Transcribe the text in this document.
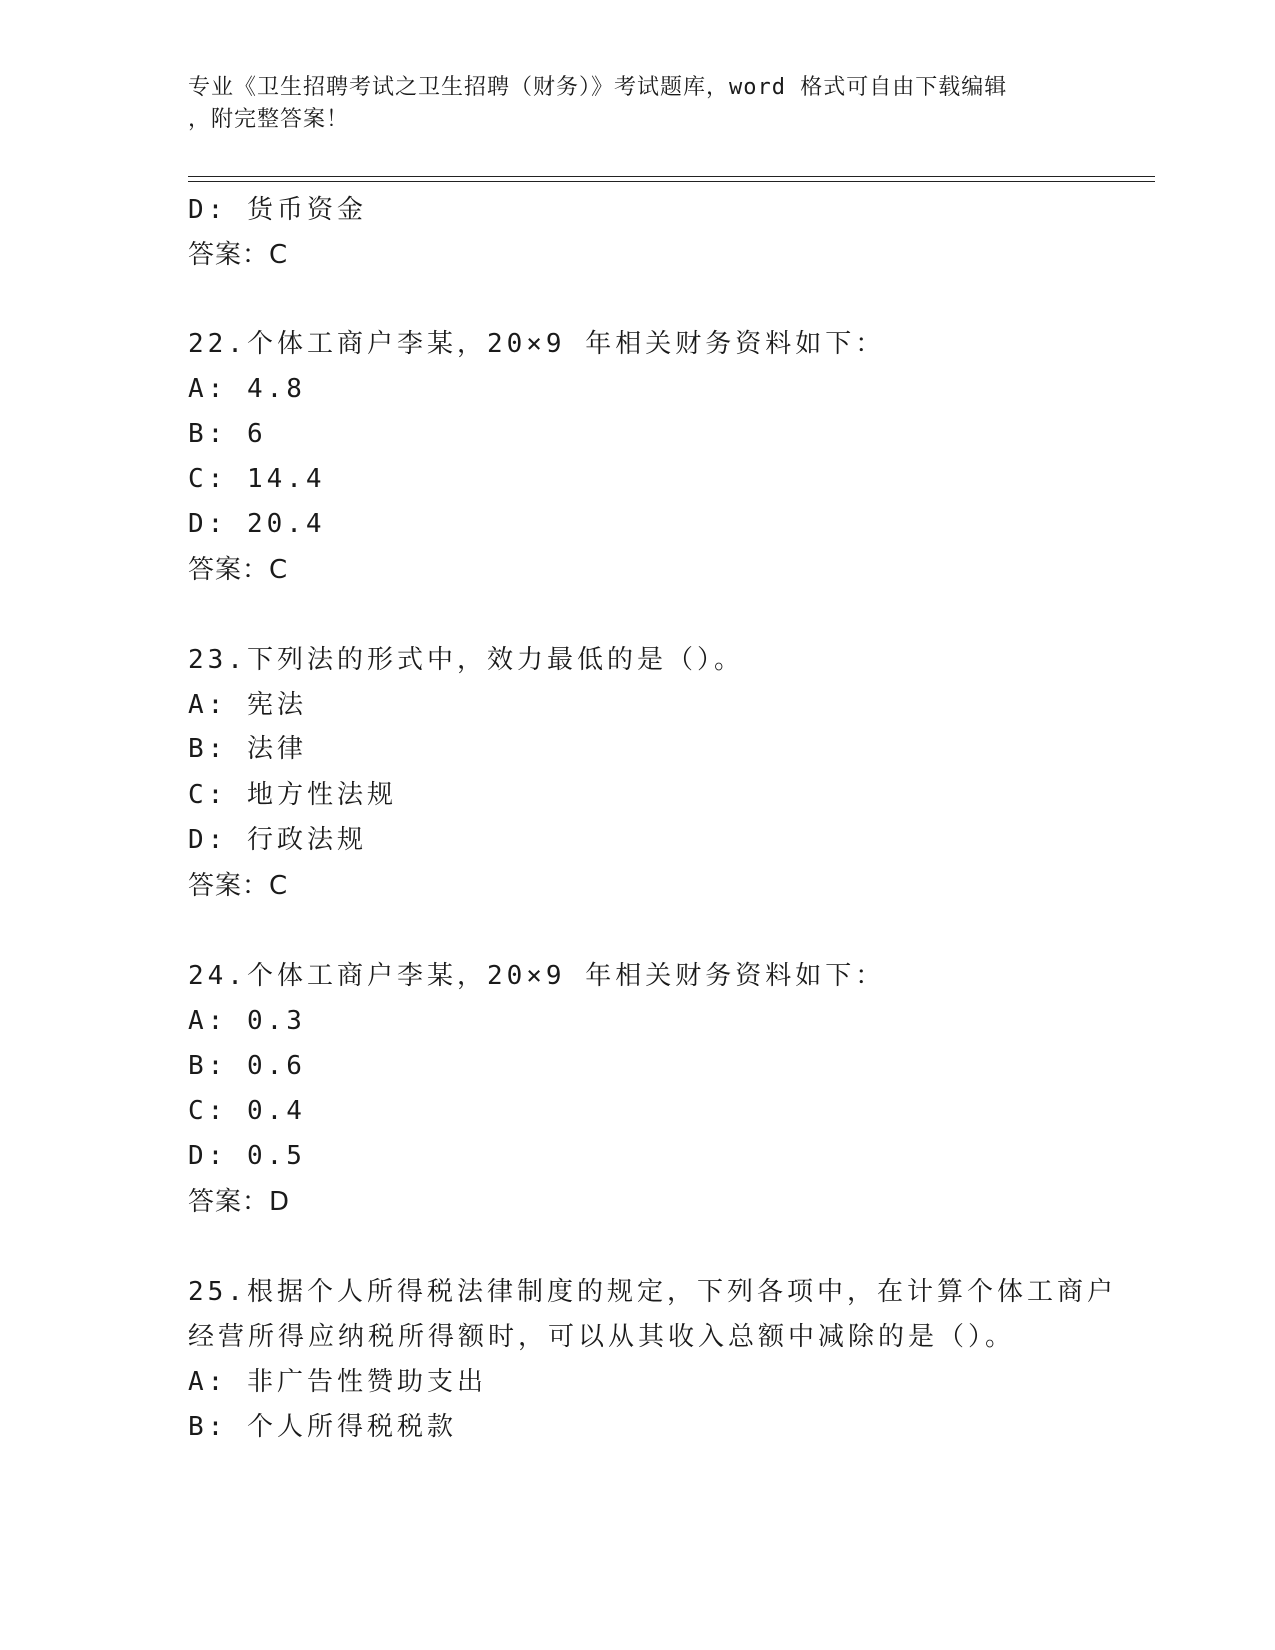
专业《卫生招聘考试之卫生招聘（财务）》考试题库，word 格式可自由下载编辑
，附完整答案！
D: 货币资金
答案：C
22.个体工商户李某，20×9 年相关财务资料如下：
A: 4.8
B: 6
C: 14.4
D: 20.4
答案：C
23.下列法的形式中，效力最低的是（）。
A: 宪法
B: 法律
C: 地方性法规
D: 行政法规
答案：C
24.个体工商户李某，20×9 年相关财务资料如下：
A: 0.3
B: 0.6
C: 0.4
D: 0.5
答案：D
25.根据个人所得税法律制度的规定，下列各项中，在计算个体工商户
经营所得应纳税所得额时，可以从其收入总额中减除的是（）。
A: 非广告性赞助支出
B: 个人所得税税款
